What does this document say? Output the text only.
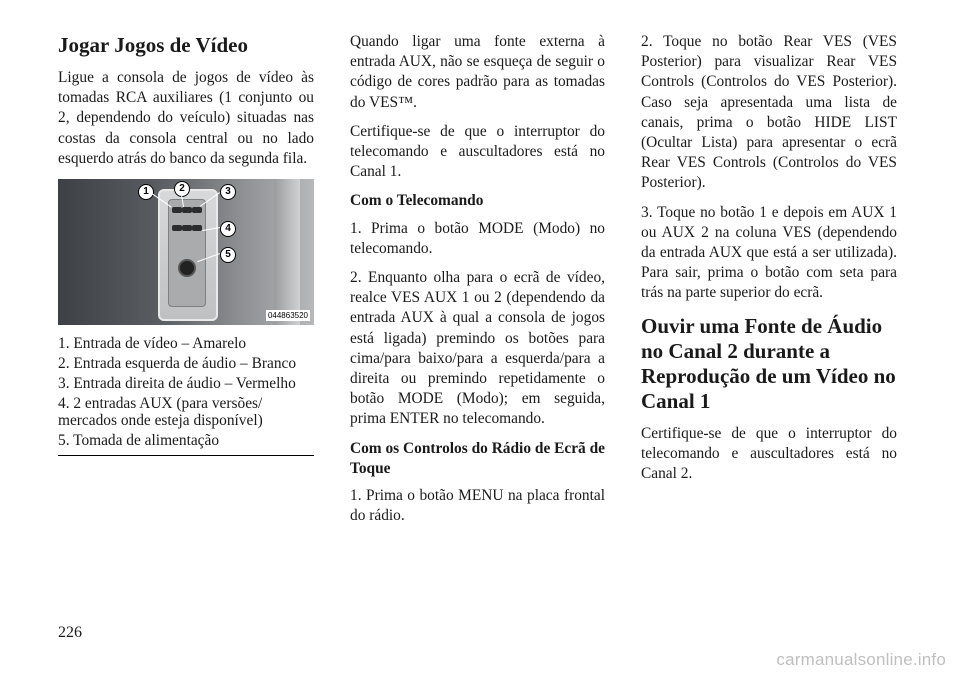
Jogar Jogos de Vídeo

Ligue a consola de jogos de vídeo às tomadas RCA auxiliares (1 conjunto ou 2, dependendo do veículo) situadas nas costas da consola central ou no lado esquerdo atrás do banco da segunda fila.

1	2	3
4
5
044863520
1. Entrada de vídeo – Amarelo
2. Entrada esquerda de áudio – Branco
3. Entrada direita de áudio – Vermelho
4. 2 entradas AUX (para versões/ mercados onde esteja disponível)
5. Tomada de alimentação

Quando ligar uma fonte externa à entrada AUX, não se esqueça de seguir o código de cores padrão para as tomadas do VES™.

Certifique-se de que o interruptor do telecomando e auscultadores está no Canal 1.

Com o Telecomando

1. Prima o botão MODE (Modo) no telecomando.

2. Enquanto olha para o ecrã de vídeo, realce VES AUX 1 ou 2 (dependendo da entrada AUX à qual a consola de jogos está ligada) premindo os botões para cima/para baixo/para a esquerda/para a direita ou premindo repetidamente o botão MODE (Modo); em seguida, prima ENTER no telecomando.

Com os Controlos do Rádio de Ecrã de Toque

1. Prima o botão MENU na placa frontal do rádio.

2. Toque no botão Rear VES (VES Posterior) para visualizar Rear VES Controls (Controlos do VES Posterior). Caso seja apresentada uma lista de canais, prima o botão HIDE LIST (Ocultar Lista) para apresentar o ecrã Rear VES Controls (Controlos do VES Posterior).

3. Toque no botão 1 e depois em AUX 1 ou AUX 2 na coluna VES (dependendo da entrada AUX que está a ser utilizada). Para sair, prima o botão com seta para trás na parte superior do ecrã.

Ouvir uma Fonte de Áudio no Canal 2 durante a Reprodução de um Vídeo no Canal 1

Certifique-se de que o interruptor do telecomando e auscultadores está no Canal 2.

226
carmanualsonline.info
